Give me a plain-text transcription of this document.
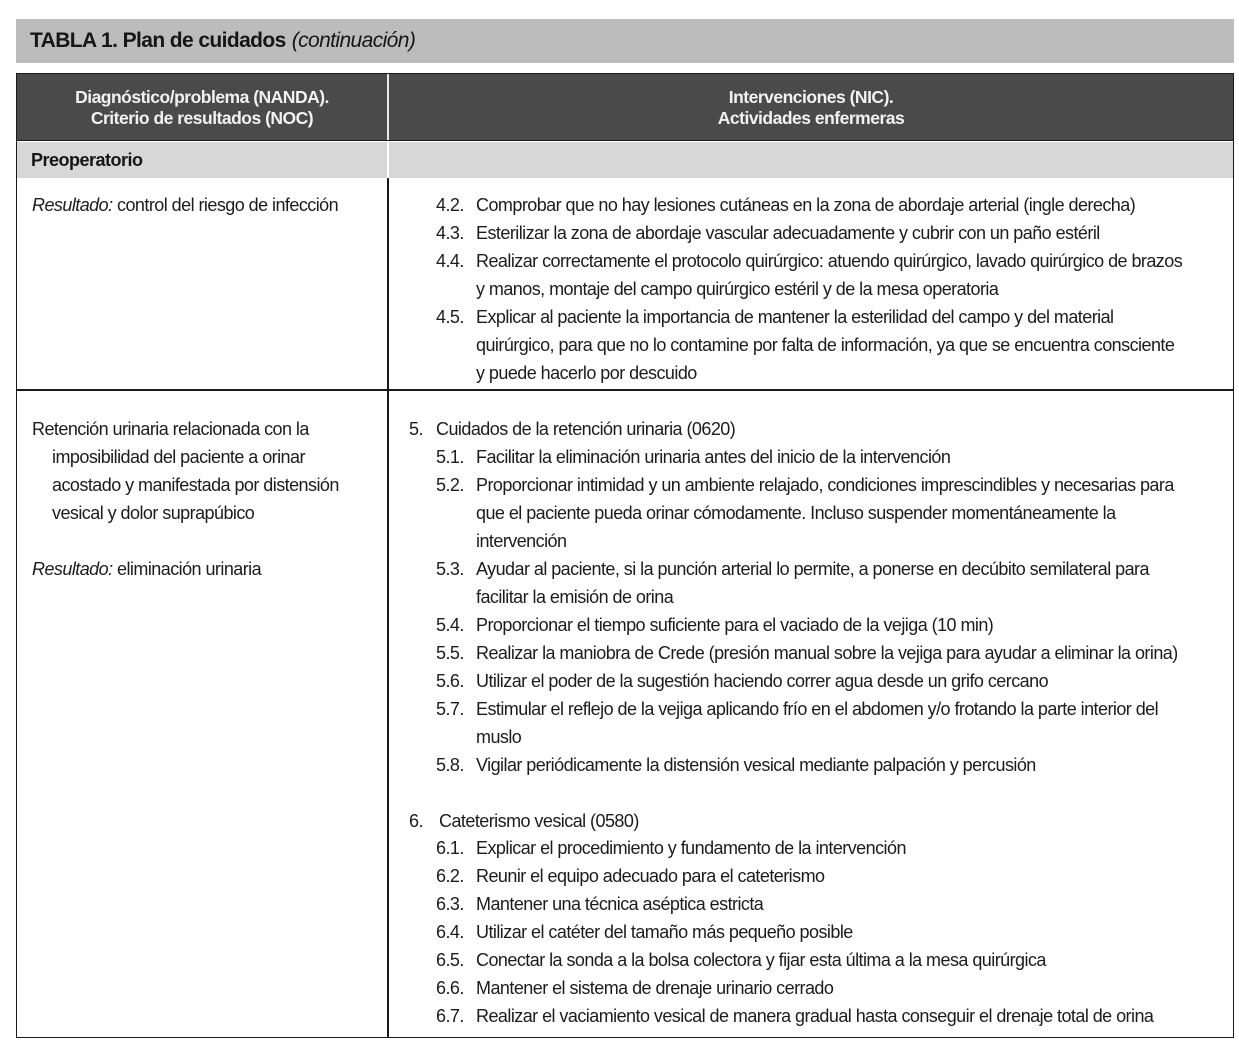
TABLA 1. Plan de cuidados (continuación)
Diagnóstico/problema (NANDA).
Criterio de resultados (NOC)
Intervenciones (NIC).
Actividades enfermeras
Preoperatorio
Resultado: control del riesgo de infección	4.2. Comprobar que no hay lesiones cutáneas en la zona de abordaje arterial (ingle derecha)
4.3. Esterilizar la zona de abordaje vascular adecuadamente y cubrir con un paño estéril
4.4. Realizar correctamente el protocolo quirúrgico: atuendo quirúrgico, lavado quirúrgico de brazos
y manos, montaje del campo quirúrgico estéril y de la mesa operatoria
4.5. Explicar al paciente la importancia de mantener la esterilidad del campo y del material
quirúrgico, para que no lo contamine por falta de información, ya que se encuentra consciente
y puede hacerlo por descuido
Retención urinaria relacionada con la
imposibilidad del paciente a orinar
acostado y manifestada por distensión
vesical y dolor suprapúbico
Resultado: eliminación urinaria
5. Cuidados de la retención urinaria (0620)
5.1. Facilitar la eliminación urinaria antes del inicio de la intervención
5.2. Proporcionar intimidad y un ambiente relajado, condiciones imprescindibles y necesarias para
que el paciente pueda orinar cómodamente. Incluso suspender momentáneamente la
intervención
5.3. Ayudar al paciente, si la punción arterial lo permite, a ponerse en decúbito semilateral para
facilitar la emisión de orina
5.4. Proporcionar el tiempo suficiente para el vaciado de la vejiga (10 min)
5.5. Realizar la maniobra de Crede (presión manual sobre la vejiga para ayudar a eliminar la orina)
5.6. Utilizar el poder de la sugestión haciendo correr agua desde un grifo cercano
5.7. Estimular el reflejo de la vejiga aplicando frío en el abdomen y/o frotando la parte interior del
muslo
5.8. Vigilar periódicamente la distensión vesical mediante palpación y percusión
6. Cateterismo vesical (0580)
6.1. Explicar el procedimiento y fundamento de la intervención
6.2. Reunir el equipo adecuado para el cateterismo
6.3. Mantener una técnica aséptica estricta
6.4. Utilizar el catéter del tamaño más pequeño posible
6.5. Conectar la sonda a la bolsa colectora y fijar esta última a la mesa quirúrgica
6.6. Mantener el sistema de drenaje urinario cerrado
6.7. Realizar el vaciamiento vesical de manera gradual hasta conseguir el drenaje total de orina
